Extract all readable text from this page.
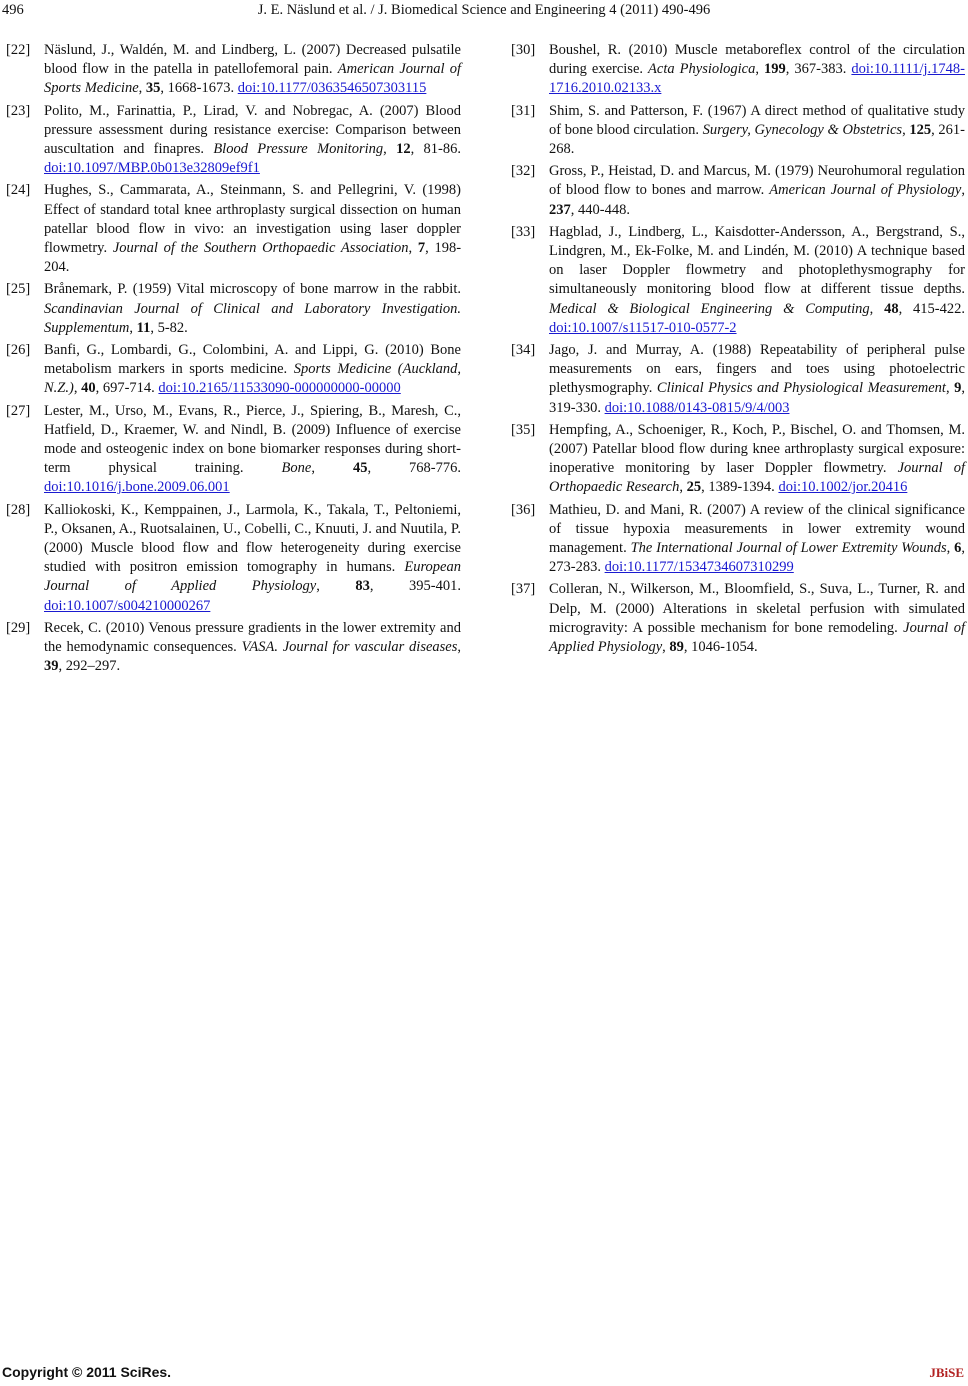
496	J. E. Näslund et al. / J. Biomedical Science and Engineering 4 (2011) 490-496
[22] Näslund, J., Waldén, M. and Lindberg, L. (2007) Decreased pulsatile blood flow in the patella in patellofemoral pain. American Journal of Sports Medicine, 35, 1668-1673. doi:10.1177/0363546507303115
[23] Polito, M., Farinattia, P., Lirad, V. and Nobregac, A. (2007) Blood pressure assessment during resistance exercise: Comparison between auscultation and finapres. Blood Pressure Monitoring, 12, 81-86. doi:10.1097/MBP.0b013e32809ef9f1
[24] Hughes, S., Cammarata, A., Steinmann, S. and Pellegrini, V. (1998) Effect of standard total knee arthroplasty surgical dissection on human patellar blood flow in vivo: an investigation using laser doppler flowmetry. Journal of the Southern Orthopaedic Association, 7, 198-204.
[25] Brånemark, P. (1959) Vital microscopy of bone marrow in the rabbit. Scandinavian Journal of Clinical and Laboratory Investigation. Supplementum, 11, 5-82.
[26] Banfi, G., Lombardi, G., Colombini, A. and Lippi, G. (2010) Bone metabolism markers in sports medicine. Sports Medicine (Auckland, N.Z.), 40, 697-714. doi:10.2165/11533090-000000000-00000
[27] Lester, M., Urso, M., Evans, R., Pierce, J., Spiering, B., Maresh, C., Hatfield, D., Kraemer, W. and Nindl, B. (2009) Influence of exercise mode and osteogenic index on bone biomarker responses during short-term physical training.	Bone, 45, 768-776. doi:10.1016/j.bone.2009.06.001
[28] Kalliokoski, K., Kemppainen, J., Larmola, K., Takala, T., Peltoniemi, P., Oksanen, A., Ruotsalainen, U., Cobelli, C., Knuuti, J. and Nuutila, P. (2000) Muscle blood flow and flow heterogeneity during exercise studied with positron emission tomography in humans. European Journal of Applied Physiology, 83, 395-401. doi:10.1007/s004210000267
[29] Recek, C. (2010) Venous pressure gradients in the lower extremity and the hemodynamic consequences. VASA. Journal for vascular diseases, 39, 292–297.
[30] Boushel, R. (2010) Muscle metaboreflex control of the circulation during exercise. Acta Physiologica, 199, 367-383. doi:10.1111/j.1748-1716.2010.02133.x
[31] Shim, S. and Patterson, F. (1967) A direct method of qualitative study of bone blood circulation. Surgery, Gynecology & Obstetrics, 125, 261-268.
[32] Gross, P., Heistad, D. and Marcus, M. (1979) Neurohumoral regulation of blood flow to bones and marrow. American Journal of Physiology, 237, 440-448.
[33] Hagblad, J., Lindberg, L., Kaisdotter-Andersson, A., Bergstrand, S., Lindgren, M., Ek-Folke, M. and Lindén, M. (2010) A technique based on laser Doppler flowmetry and photoplethysmography for simultaneously monitoring blood flow at different tissue depths. Medical & Biological Engineering & Computing, 48, 415-422. doi:10.1007/s11517-010-0577-2
[34] Jago, J. and Murray, A. (1988) Repeatability of peripheral pulse measurements on ears, fingers and toes using photoelectric plethysmography. Clinical Physics and Physiological Measurement, 9, 319-330. doi:10.1088/0143-0815/9/4/003
[35] Hempfing, A., Schoeniger, R., Koch, P., Bischel, O. and Thomsen, M. (2007) Patellar blood flow during knee arthroplasty surgical exposure: inoperative monitoring by laser Doppler flowmetry. Journal of Orthopaedic Research, 25, 1389-1394. doi:10.1002/jor.20416
[36] Mathieu, D. and Mani, R. (2007) A review of the clinical significance of tissue hypoxia measurements in lower extremity wound management. The International Journal of Lower Extremity Wounds, 6, 273-283. doi:10.1177/1534734607310299
[37] Colleran, N., Wilkerson, M., Bloomfield, S., Suva, L., Turner, R. and Delp, M. (2000) Alterations in skeletal perfusion with simulated microgravity: A possible mechanism for bone remodeling. Journal of Applied Physiology, 89, 1046-1054.
Copyright © 2011 SciRes.	JBiSE
